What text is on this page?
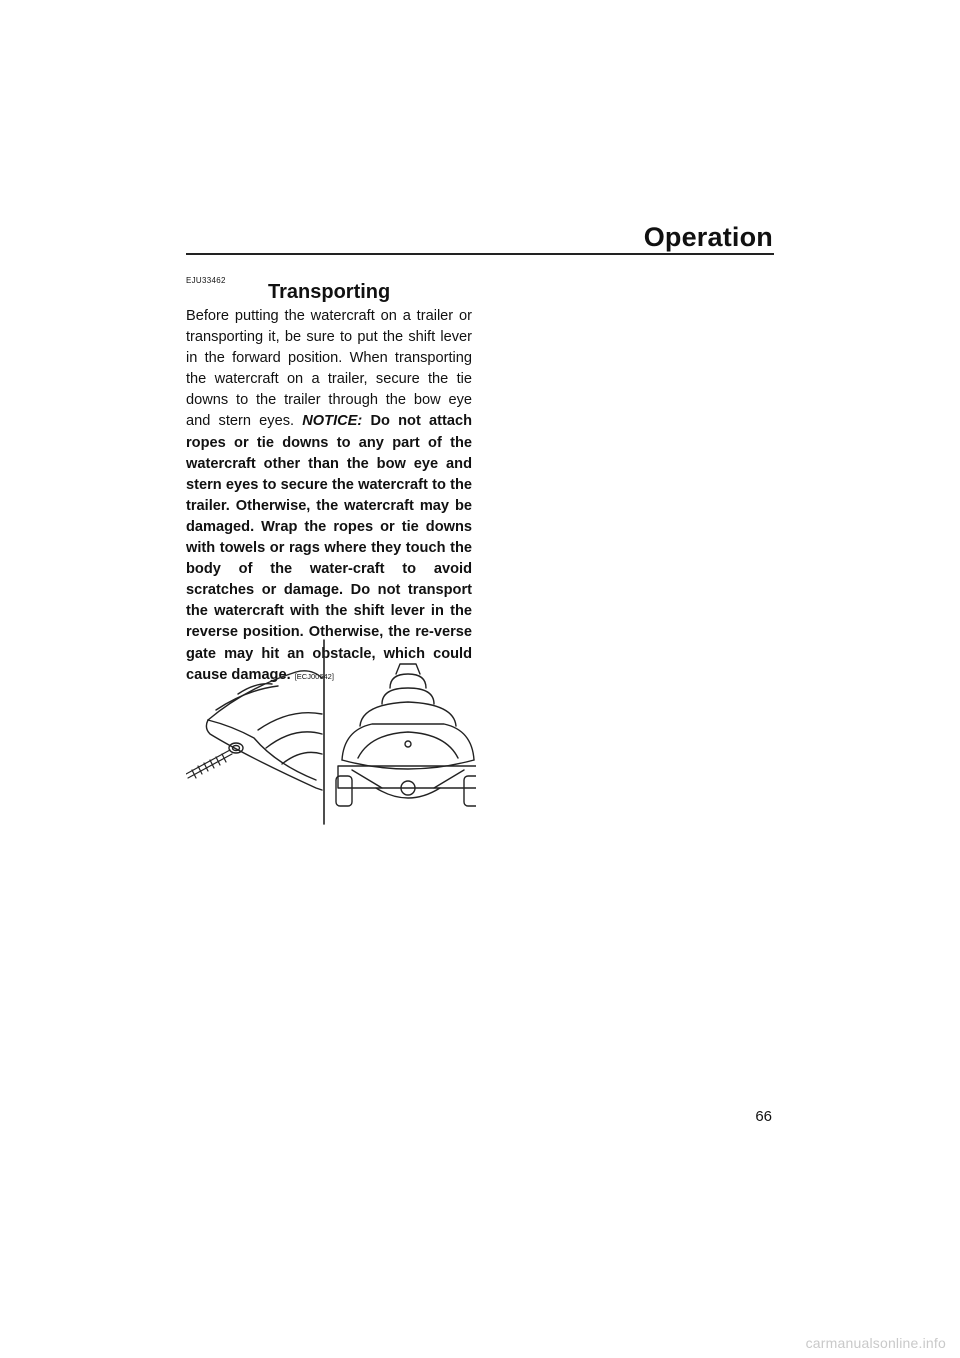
Operation
EJU33462
Transporting
Before putting the watercraft on a trailer or transporting it, be sure to put the shift lever in the forward position. When transporting the watercraft on a trailer, secure the tie downs to the trailer through the bow eye and stern eyes. NOTICE: Do not attach ropes or tie downs to any part of the watercraft other than the bow eye and stern eyes to secure the watercraft to the trailer. Otherwise, the watercraft may be damaged. Wrap the ropes or tie downs with towels or rags where they touch the body of the water-craft to avoid scratches or damage. Do not transport the watercraft with the shift lever in the reverse position. Otherwise, the re-verse gate may hit an obstacle, which could cause damage. [ECJ00642]
66
carmanualsonline.info
